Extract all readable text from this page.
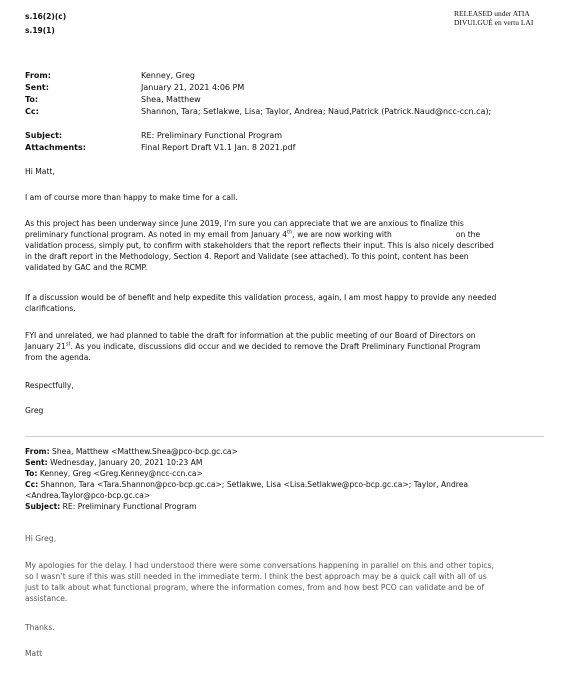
s.16(2)(c)
s.19(1)
RELEASED under ATIA
DIVULGUÉ en vertu LAI
From:	Kenney, Greg
Sent:	January 21, 2021 4:06 PM
To:	Shea, Matthew
Cc:	Shannon, Tara; Setlakwe, Lisa; Taylor, Andrea; Naud,Patrick (Patrick.Naud@ncc-ccn.ca);
Subject:	RE: Preliminary Functional Program
Attachments:	Final Report Draft V1.1 Jan. 8 2021.pdf

Hi Matt,

I am of course more than happy to make time for a call.

As this project has been underway since June 2019, I’m sure you can appreciate that we are anxious to finalize this
preliminary functional program. As noted in my email from January 4th, we are now working with	on the
validation process, simply put, to confirm with stakeholders that the report reflects their input. This is also nicely described
in the draft report in the Methodology, Section 4. Report and Validate (see attached). To this point, content has been
validated by GAC and the RCMP.

If a discussion would be of benefit and help expedite this validation process, again, I am most happy to provide any needed
clarifications.

FYI and unrelated, we had planned to table the draft for information at the public meeting of our Board of Directors on
January 21st. As you indicate, discussions did occur and we decided to remove the Draft Preliminary Functional Program
from the agenda.

Respectfully,

Greg

From: Shea, Matthew <Matthew.Shea@pco-bcp.gc.ca>
Sent: Wednesday, January 20, 2021 10:23 AM
To: Kenney, Greg <Greg.Kenney@ncc-ccn.ca>
Cc: Shannon, Tara <Tara.Shannon@pco-bcp.gc.ca>; Setlakwe, Lisa <Lisa.Setlakwe@pco-bcp.gc.ca>; Taylor, Andrea
<Andrea.Taylor@pco-bcp.gc.ca>
Subject: RE: Preliminary Functional Program

Hi Greg,

My apologies for the delay. I had understood there were some conversations happening in parallel on this and other topics,
so I wasn’t sure if this was still needed in the immediate term. I think the best approach may be a quick call with all of us
just to talk about what functional program, where the information comes, from and how best PCO can validate and be of
assistance.

Thanks.

Matt
